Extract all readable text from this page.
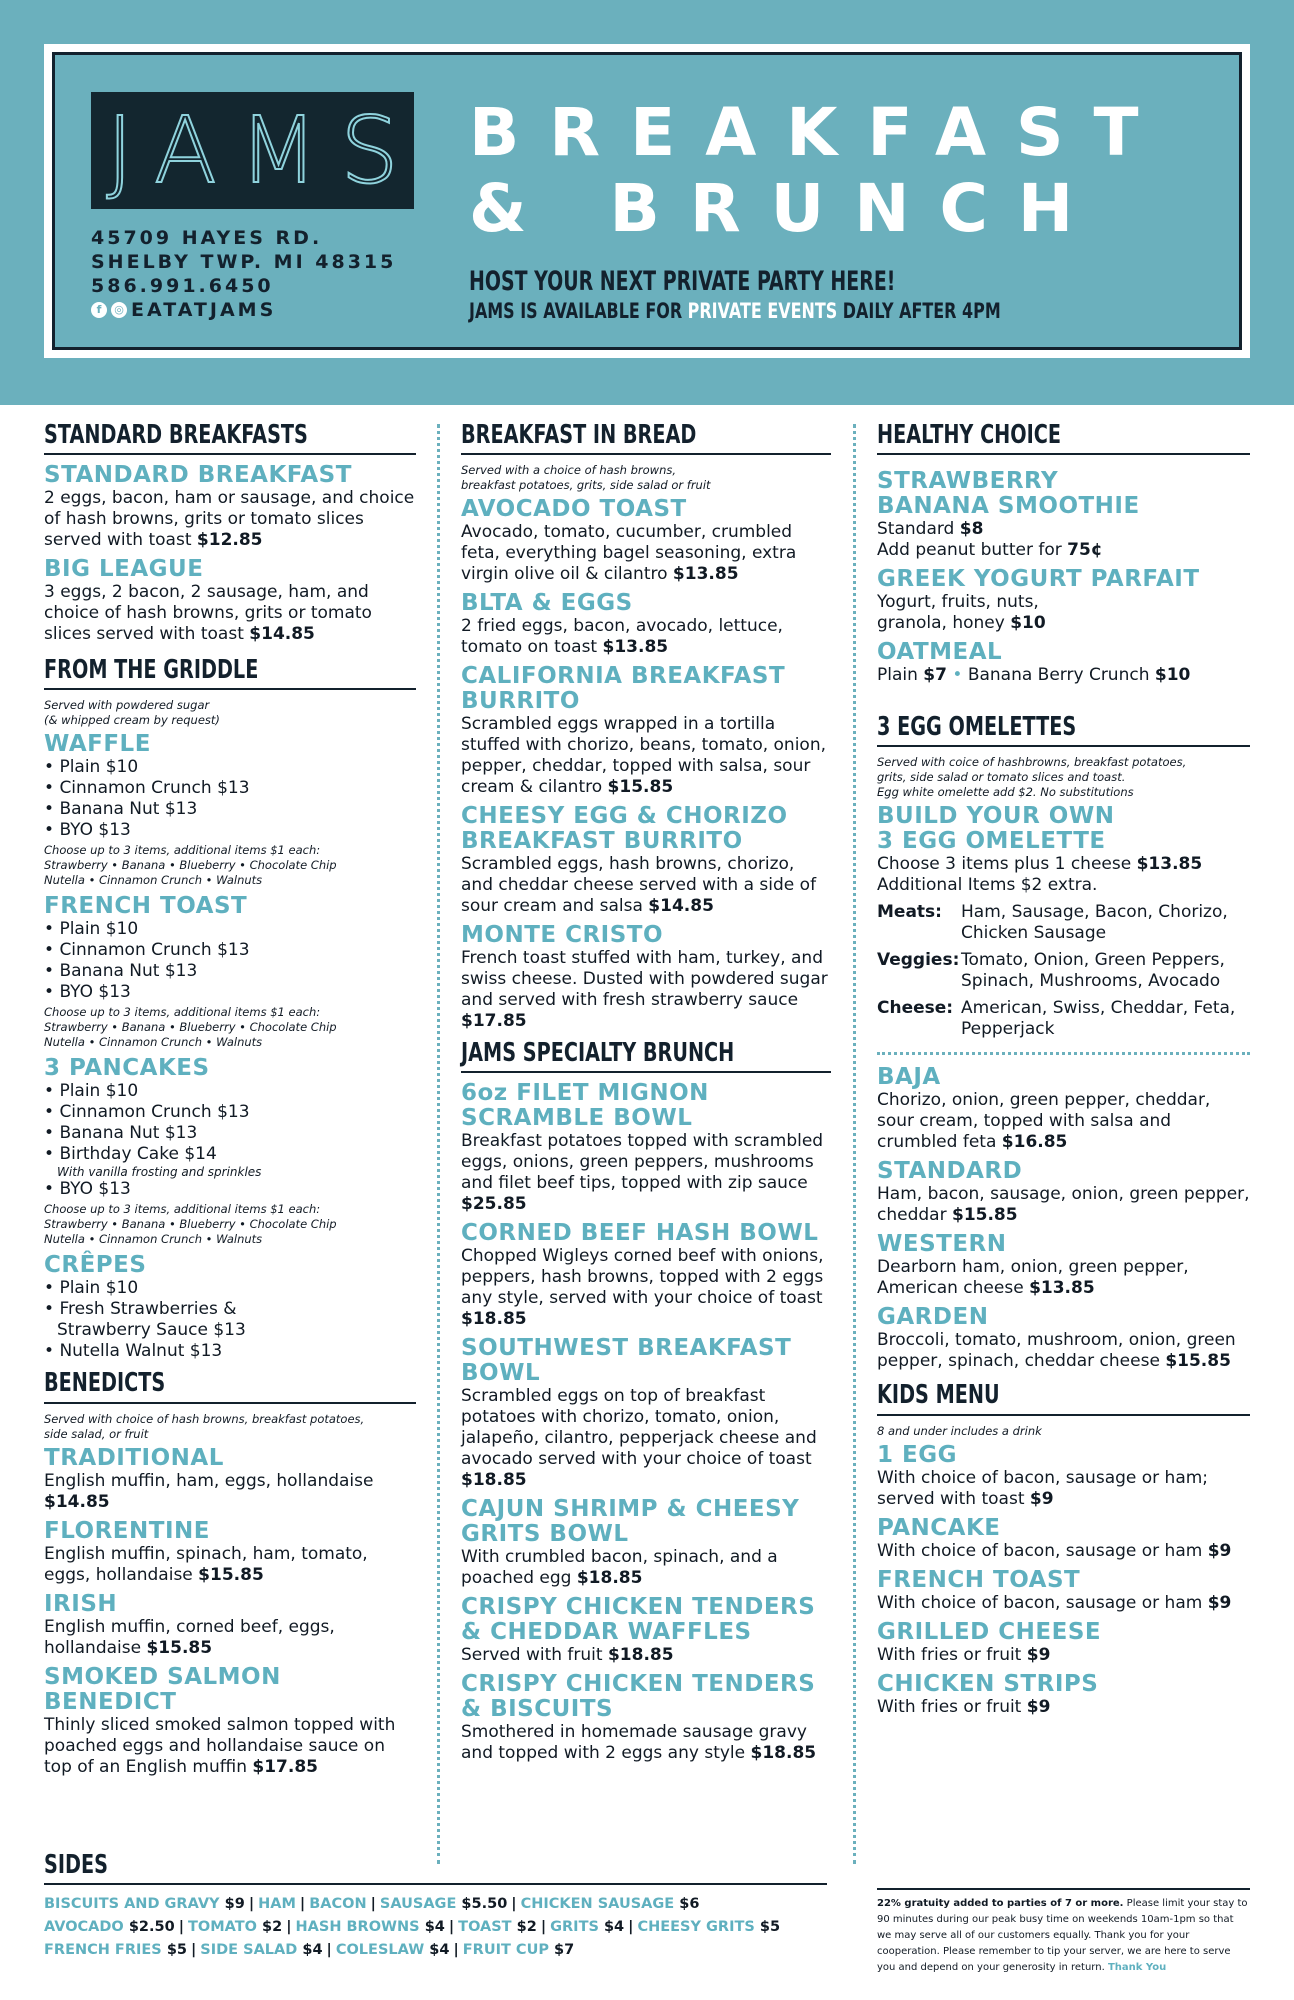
JAMS
45709 HAYES RD.
SHELBY TWP. MI 48315
586.991.6450
f	◎ EATATJAMS
BREAKFAST
& BRUNCH
HOST YOUR NEXT PRIVATE PARTY HERE!
JAMS IS AVAILABLE FOR PRIVATE EVENTS DAILY AFTER 4PM
STANDARD BREAKFASTS
STANDARD BREAKFAST
2 eggs, bacon, ham or sausage, and choice of hash browns, grits or tomato slices served with toast $12.85
BIG LEAGUE
3 eggs, 2 bacon, 2 sausage, ham, and choice of hash browns, grits or tomato slices served with toast $14.85
FROM THE GRIDDLE
Served with powdered sugar
(& whipped cream by request)
WAFFLE
• Plain $10
• Cinnamon Crunch $13
• Banana Nut $13
• BYO $13
Choose up to 3 items, additional items $1 each:
Strawberry • Banana • Blueberry • Chocolate Chip
Nutella • Cinnamon Crunch • Walnuts
FRENCH TOAST
• Plain $10
• Cinnamon Crunch $13
• Banana Nut $13
• BYO $13
Choose up to 3 items, additional items $1 each:
Strawberry • Banana • Blueberry • Chocolate Chip
Nutella • Cinnamon Crunch • Walnuts
3 PANCAKES
• Plain $10
• Cinnamon Crunch $13
• Banana Nut $13
• Birthday Cake $14
With vanilla frosting and sprinkles
• BYO $13
Choose up to 3 items, additional items $1 each:
Strawberry • Banana • Blueberry • Chocolate Chip
Nutella • Cinnamon Crunch • Walnuts
CRÊPES
• Plain $10
• Fresh Strawberries &
Strawberry Sauce $13
• Nutella Walnut $13
BENEDICTS
Served with choice of hash browns, breakfast potatoes,
side salad, or fruit
TRADITIONAL
English muffin, ham, eggs, hollandaise $14.85
FLORENTINE
English muffin, spinach, ham, tomato, eggs, hollandaise $15.85
IRISH
English muffin, corned beef, eggs, hollandaise $15.85
SMOKED SALMON BENEDICT
Thinly sliced smoked salmon topped with poached eggs and hollandaise sauce on top of an English muffin $17.85
BREAKFAST IN BREAD
Served with a choice of hash browns,
breakfast potatoes, grits, side salad or fruit
AVOCADO TOAST
Avocado, tomato, cucumber, crumbled feta, everything bagel seasoning, extra virgin olive oil & cilantro $13.85
BLTA & EGGS
2 fried eggs, bacon, avocado, lettuce, tomato on toast $13.85
CALIFORNIA BREAKFAST BURRITO
Scrambled eggs wrapped in a tortilla stuffed with chorizo, beans, tomato, onion, pepper, cheddar, topped with salsa, sour cream & cilantro $15.85
CHEESY EGG & CHORIZO BREAKFAST BURRITO
Scrambled eggs, hash browns, chorizo, and cheddar cheese served with a side of sour cream and salsa $14.85
MONTE CRISTO
French toast stuffed with ham, turkey, and swiss cheese. Dusted with powdered sugar and served with fresh strawberry sauce $17.85
JAMS SPECIALTY BRUNCH
6oz FILET MIGNON SCRAMBLE BOWL
Breakfast potatoes topped with scrambled eggs, onions, green peppers, mushrooms and filet beef tips, topped with zip sauce $25.85
CORNED BEEF HASH BOWL
Chopped Wigleys corned beef with onions, peppers, hash browns, topped with 2 eggs any style, served with your choice of toast $18.85
SOUTHWEST BREAKFAST BOWL
Scrambled eggs on top of breakfast potatoes with chorizo, tomato, onion, jalapeño, cilantro, pepperjack cheese and avocado served with your choice of toast $18.85
CAJUN SHRIMP & CHEESY GRITS BOWL
With crumbled bacon, spinach, and a poached egg $18.85
CRISPY CHICKEN TENDERS & CHEDDAR WAFFLES
Served with fruit $18.85
CRISPY CHICKEN TENDERS & BISCUITS
Smothered in homemade sausage gravy and topped with 2 eggs any style $18.85
HEALTHY CHOICE
STRAWBERRY BANANA SMOOTHIE
Standard $8
Add peanut butter for 75¢
GREEK YOGURT PARFAIT
Yogurt, fruits, nuts, granola, honey $10
OATMEAL
Plain $7 • Banana Berry Crunch $10
3 EGG OMELETTES
Served with coice of hashbrowns, breakfast potatoes,
grits, side salad or tomato slices and toast.
Egg white omelette add $2. No substitutions
BUILD YOUR OWN 3 EGG OMELETTE
Choose 3 items plus 1 cheese $13.85
Additional Items $2 extra.
Meats:	Ham, Sausage, Bacon, Chorizo, Chicken Sausage
Veggies: Tomato, Onion, Green Peppers, Spinach, Mushrooms, Avocado
Cheese: American, Swiss, Cheddar, Feta, Pepperjack
BAJA
Chorizo, onion, green pepper, cheddar, sour cream, topped with salsa and crumbled feta $16.85
STANDARD
Ham, bacon, sausage, onion, green pepper, cheddar $15.85
WESTERN
Dearborn ham, onion, green pepper, American cheese $13.85
GARDEN
Broccoli, tomato, mushroom, onion, green pepper, spinach, cheddar cheese $15.85
KIDS MENU
8 and under includes a drink
1 EGG
With choice of bacon, sausage or ham; served with toast $9
PANCAKE
With choice of bacon, sausage or ham $9
FRENCH TOAST
With choice of bacon, sausage or ham $9
GRILLED CHEESE
With fries or fruit $9
CHICKEN STRIPS
With fries or fruit $9
SIDES
BISCUITS AND GRAVY $9 | HAM | BACON | SAUSAGE $5.50 | CHICKEN SAUSAGE $6
AVOCADO $2.50 | TOMATO $2 | HASH BROWNS $4 | TOAST $2 | GRITS $4 | CHEESY GRITS $5
FRENCH FRIES $5 | SIDE SALAD $4 | COLESLAW $4 | FRUIT CUP $7
22% gratuity added to parties of 7 or more. Please limit your stay to 90 minutes during our peak busy time on weekends 10am-1pm so that we may serve all of our customers equally. Thank you for your cooperation. Please remember to tip your server, we are here to serve you and depend on your generosity in return. Thank You
